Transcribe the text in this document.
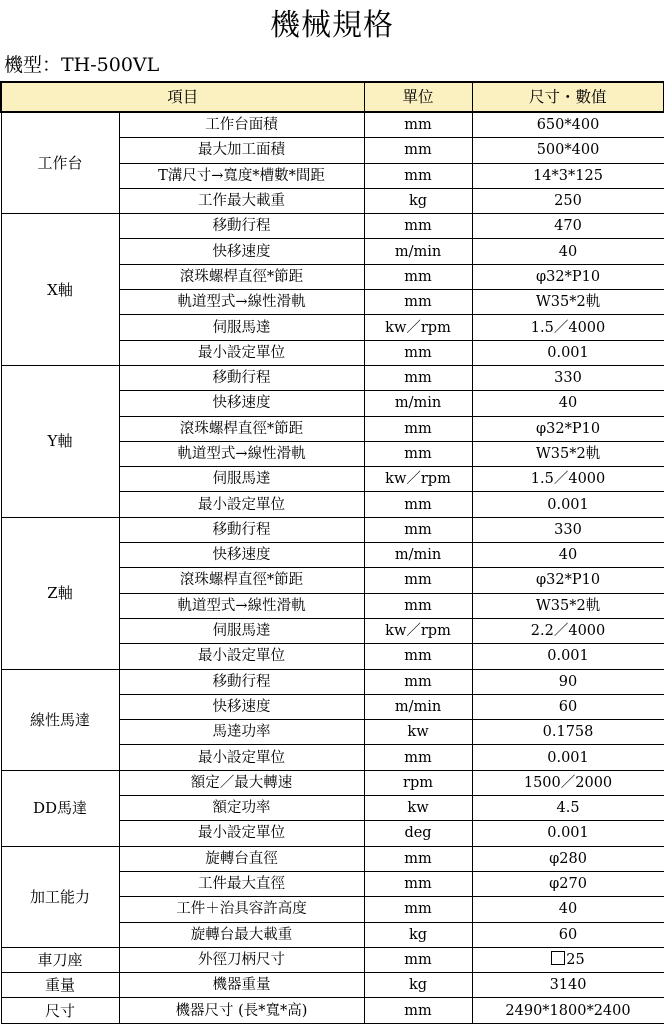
機械規格
機型：TH-500VL
項目		單位	尺寸・數值
工作台	工作台面積	mm	650*400
	最大加工面積	mm	500*400
	T溝尺寸→寬度*槽數*間距	mm	14*3*125
	工作最大載重	kg	250
X軸	移動行程	mm	470
	快移速度	m/min	40
	滾珠螺桿直徑*節距	mm	φ32*P10
	軌道型式→線性滑軌	mm	W35*2軌
	伺服馬達	kw／rpm	1.5／4000
	最小設定單位	mm	0.001
Y軸	移動行程	mm	330
	快移速度	m/min	40
	滾珠螺桿直徑*節距	mm	φ32*P10
	軌道型式→線性滑軌	mm	W35*2軌
	伺服馬達	kw／rpm	1.5／4000
	最小設定單位	mm	0.001
Z軸	移動行程	mm	330
	快移速度	m/min	40
	滾珠螺桿直徑*節距	mm	φ32*P10
	軌道型式→線性滑軌	mm	W35*2軌
	伺服馬達	kw／rpm	2.2／4000
	最小設定單位	mm	0.001
線性馬達	移動行程	mm	90
	快移速度	m/min	60
	馬達功率	kw	0.1758
	最小設定單位	mm	0.001
DD馬達	額定／最大轉速	rpm	1500／2000
	額定功率	kw	4.5
	最小設定單位	deg	0.001
加工能力	旋轉台直徑	mm	φ280
	工件最大直徑	mm	φ270
	工件＋治具容許高度	mm	40
	旋轉台最大載重	kg	60
車刀座	外徑刀柄尺寸	mm	25
重量	機器重量	kg	3140
尺寸	機器尺寸 (長*寬*高)	mm	2490*1800*2400
